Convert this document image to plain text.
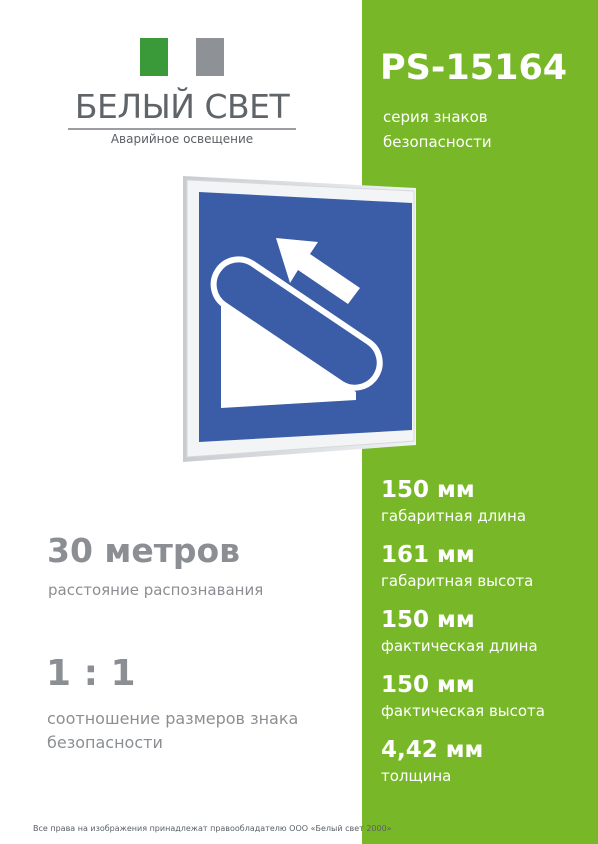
БЕЛЫЙ СВЕТ
Аварийное освещение
PS-15164
серия знаков
безопасности
150 мм
габаритная длина
161 мм
габаритная высота
150 мм
фактическая длина
150 мм
фактическая высота
4,42 мм
толщина
30 метров
расстояние распознавания
1 : 1
соотношение размеров знака
безопасности
Все права на изображения принадлежат правообладателю ООО «Белый свет 2000»
